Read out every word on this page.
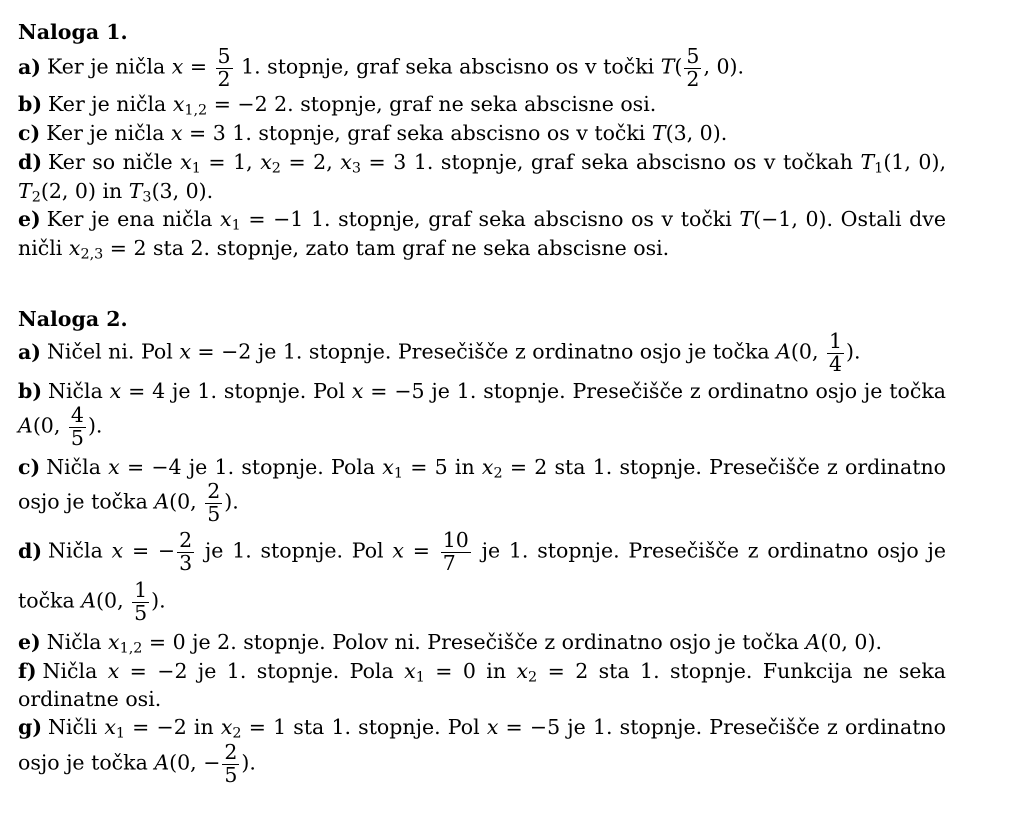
Naloga 1.
a) Ker je ničla $x = \frac{5}{2} 1$. stopnje, graf seka abscisno os v točki $T( \frac{5}{2}$ , 0).
b) Ker je ničla $x_{1,2} = -2$ 2. stopnje, graf ne seka abscisne osi.
c) Ker je ničla x = 3 1. stopnje, graf seka abscisno os v točki T(3, 0).
d) Ker so ničle $x_1 = 1$, $x_2 = 2$, $x_3 = 3$ 1. stopnje, graf seka abscisno os v točkah $T_1(1$, 0),
$T_2(2$, 0) in $T_3(3$, 0).
e) Ker je ena ničla $x_1 = -1$ 1. stopnje, graf seka abscisno os v točki T(−1, 0). Ostali dve
ničli $x_{2,3} = 2$ sta 2. stopnje, zato tam graf ne seka abscisne osi.
Naloga 2.
a) Ničel ni. Pol x = −2 je 1. stopnje. Presečišče z ordinatno osjo je točka A(0, $\frac{1}{4}$ ).
b) Ničla x = 4 je 1. stopnje. Pol x = −5 je 1. stopnje. Presečišče z ordinatno osjo je točka
A(0, $\frac{4}{5}$ ).
c) Ničla x = −4 je 1. stopnje. Pola $x_1 = 5$ in $x_2 = 2$ sta 1. stopnje. Presečišče z ordinatno
osjo je točka A(0, $\frac{2}{5}$ ).
d) Ničla x = − $\frac{2}{3}$ je 1. stopnje. Pol $x = \frac{10}{7}$ je 1. stopnje. Presečišče z ordinatno osjo je
točka A(0, $\frac{1}{5}$ ).
e) Ničla $x_{1,2} = 0$ je 2. stopnje. Polov ni. Presečišče z ordinatno osjo je točka A(0, 0).
f) Ničla x = −2 je 1. stopnje. Pola $x_1 = 0$ in $x_2 = 2$ sta 1. stopnje. Funkcija ne seka
ordinatne osi.
g) Ničli $x_1 = -2$ in $x_2 = 1$ sta 1. stopnje. Pol x = −5 je 1. stopnje. Presečišče z ordinatno
osjo je točka A(0, − $\frac{2}{5}$ ).
